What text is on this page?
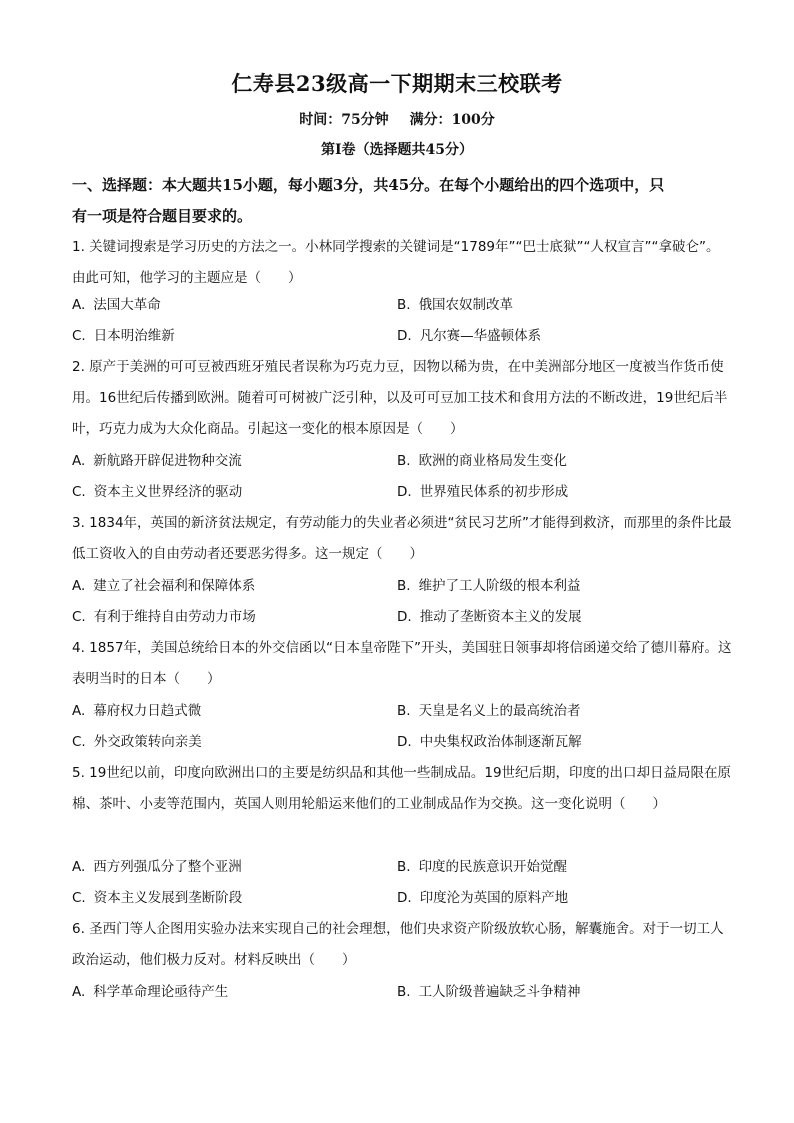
仁寿县23级高一下期期末三校联考
时间：75分钟 满分：100分
第Ⅰ卷（选择题共45分）
一、选择题：本大题共15小题，每小题3分，共45分。在每个小题给出的四个选项中，只
有一项是符合题目要求的。
1. 关键词搜索是学习历史的方法之一。小林同学搜索的关键词是“1789年”“巴士底狱”“人权宣言”“拿破仑”。由此可知，他学习的主题应是（　　）
A. 法国大革命	B. 俄国农奴制改革
C. 日本明治维新	D. 凡尔赛—华盛顿体系
2. 原产于美洲的可可豆被西班牙殖民者误称为巧克力豆，因物以稀为贵，在中美洲部分地区一度被当作货币使用。16世纪后传播到欧洲。随着可可树被广泛引种，以及可可豆加工技术和食用方法的不断改进，19世纪后半叶，巧克力成为大众化商品。引起这一变化的根本原因是（　　）
A. 新航路开辟促进物种交流	B. 欧洲的商业格局发生变化
C. 资本主义世界经济的驱动	D. 世界殖民体系的初步形成
3. 1834年，英国的新济贫法规定，有劳动能力的失业者必须进“贫民习艺所”才能得到救济，而那里的条件比最低工资收入的自由劳动者还要恶劣得多。这一规定（　　）
A. 建立了社会福利和保障体系	B. 维护了工人阶级的根本利益
C. 有利于维持自由劳动力市场	D. 推动了垄断资本主义的发展
4. 1857年，美国总统给日本的外交信函以“日本皇帝陛下”开头，美国驻日领事却将信函递交给了德川幕府。这表明当时的日本（　　）
A. 幕府权力日趋式微	B. 天皇是名义上的最高统治者
C. 外交政策转向亲美	D. 中央集权政治体制逐渐瓦解
5. 19世纪以前，印度向欧洲出口的主要是纺织品和其他一些制成品。19世纪后期，印度的出口却日益局限在原棉、茶叶、小麦等范围内，英国人则用轮船运来他们的工业制成品作为交换。这一变化说明（　　）
A. 西方列强瓜分了整个亚洲	B. 印度的民族意识开始觉醒
C. 资本主义发展到垄断阶段	D. 印度沦为英国的原料产地
6. 圣西门等人企图用实验办法来实现自己的社会理想，他们央求资产阶级放软心肠，解囊施舍。对于一切工人政治运动，他们极力反对。材料反映出（　　）
A. 科学革命理论亟待产生	B. 工人阶级普遍缺乏斗争精神
